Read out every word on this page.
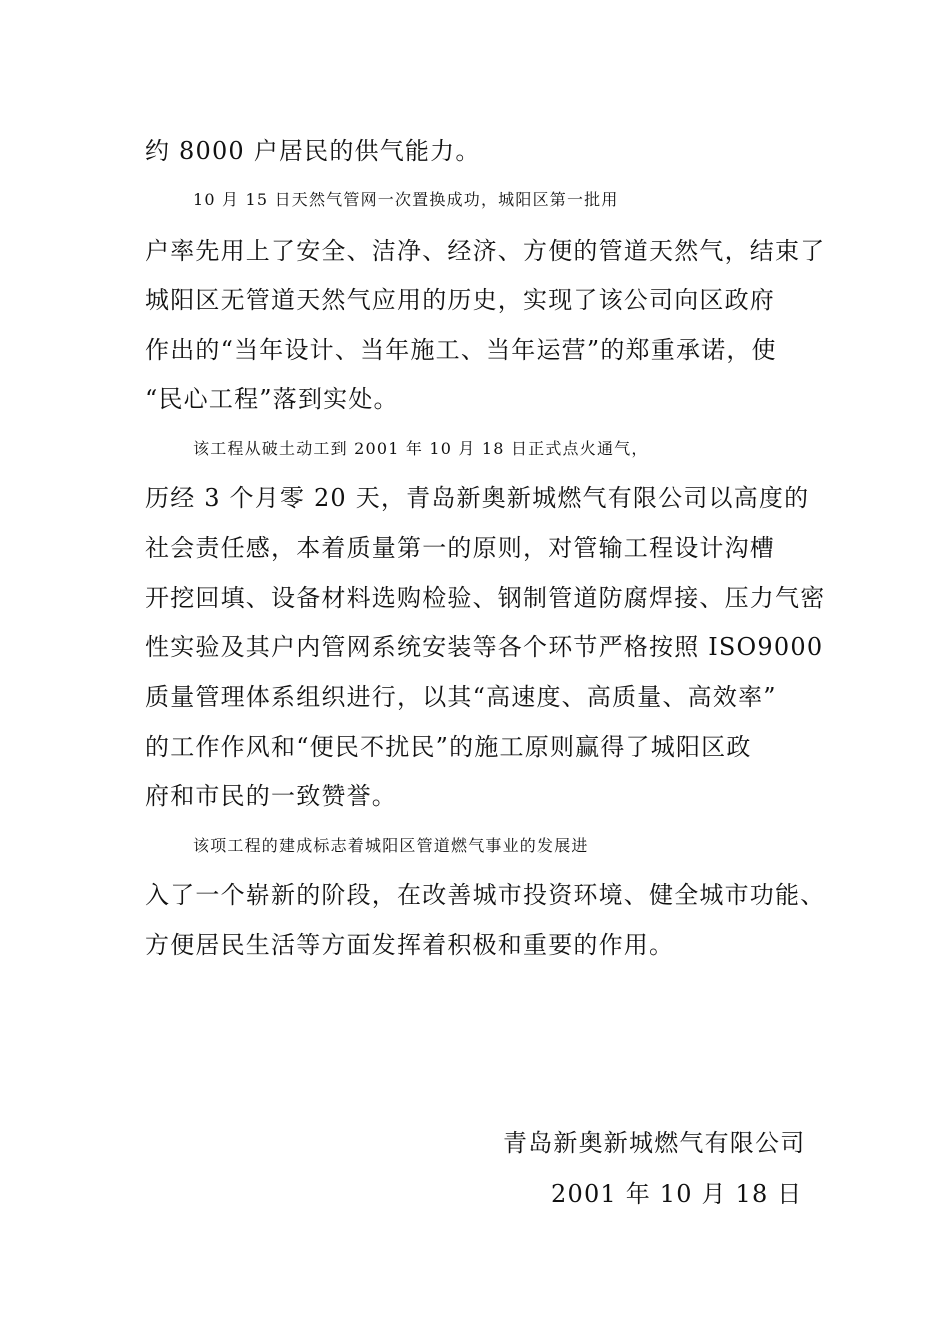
约 8000 户居民的供气能力。
10 月 15 日天然气管网一次置换成功，城阳区第一批用
户率先用上了安全、洁净、经济、方便的管道天然气，结束了
城阳区无管道天然气应用的历史，实现了该公司向区政府
作出的“当年设计、当年施工、当年运营”的郑重承诺，使
“民心工程”落到实处。
该工程从破土动工到 2001 年 10 月 18 日正式点火通气，
历经 3 个月零 20 天，青岛新奥新城燃气有限公司以高度的
社会责任感，本着质量第一的原则，对管输工程设计沟槽
开挖回填、设备材料选购检验、钢制管道防腐焊接、压力气密
性实验及其户内管网系统安装等各个环节严格按照 ISO9000
质量管理体系组织进行，以其“高速度、高质量、高效率”
的工作作风和“便民不扰民”的施工原则赢得了城阳区政
府和市民的一致赞誉。
该项工程的建成标志着城阳区管道燃气事业的发展进
入了一个崭新的阶段，在改善城市投资环境、健全城市功能、
方便居民生活等方面发挥着积极和重要的作用。
青岛新奥新城燃气有限公司
2001 年 10 月 18 日
